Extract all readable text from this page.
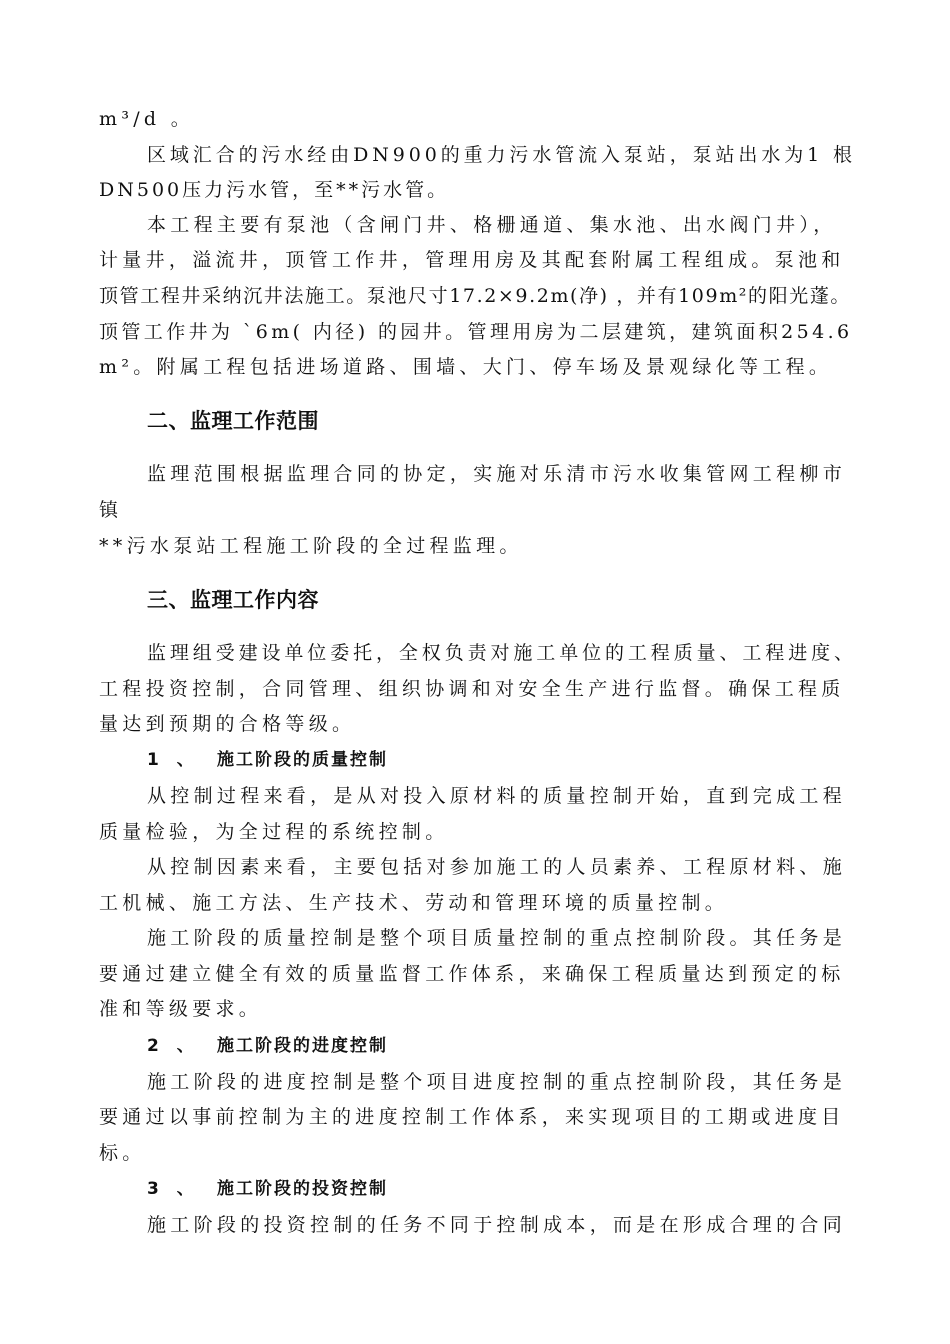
m³/d 。
区域汇合的污水经由DN900的重力污水管流入泵站，泵站出水为1 根
DN500压力污水管，至**污水管。
本工程主要有泵池（含闸门井、格栅通道、集水池、出水阀门井），
计量井，溢流井，顶管工作井，管理用房及其配套附属工程组成。泵池和
顶管工程井采纳沉井法施工。泵池尺寸17.2×9.2m(净) ，并有109m²的阳光蓬。
顶管工作井为 `6m( 内径) 的园井。管理用房为二层建筑，建筑面积254.6
m²。附属工程包括进场道路、围墙、大门、停车场及景观绿化等工程。
二、监理工作范围
监理范围根据监理合同的协定，实施对乐清市污水收集管网工程柳市
镇
**污水泵站工程施工阶段的全过程监理。
三、监理工作内容
监理组受建设单位委托，全权负责对施工单位的工程质量、工程进度、
工程投资控制，合同管理、组织协调和对安全生产进行监督。确保工程质
量达到预期的合格等级。
1 、 施工阶段的质量控制
从控制过程来看，是从对投入原材料的质量控制开始，直到完成工程
质量检验，为全过程的系统控制。
从控制因素来看，主要包括对参加施工的人员素养、工程原材料、施
工机械、施工方法、生产技术、劳动和管理环境的质量控制。
施工阶段的质量控制是整个项目质量控制的重点控制阶段。其任务是
要通过建立健全有效的质量监督工作体系，来确保工程质量达到预定的标
准和等级要求。
2 、 施工阶段的进度控制
施工阶段的进度控制是整个项目进度控制的重点控制阶段，其任务是
要通过以事前控制为主的进度控制工作体系，来实现项目的工期或进度目
标。
3 、 施工阶段的投资控制
施工阶段的投资控制的任务不同于控制成本，而是在形成合理的合同
